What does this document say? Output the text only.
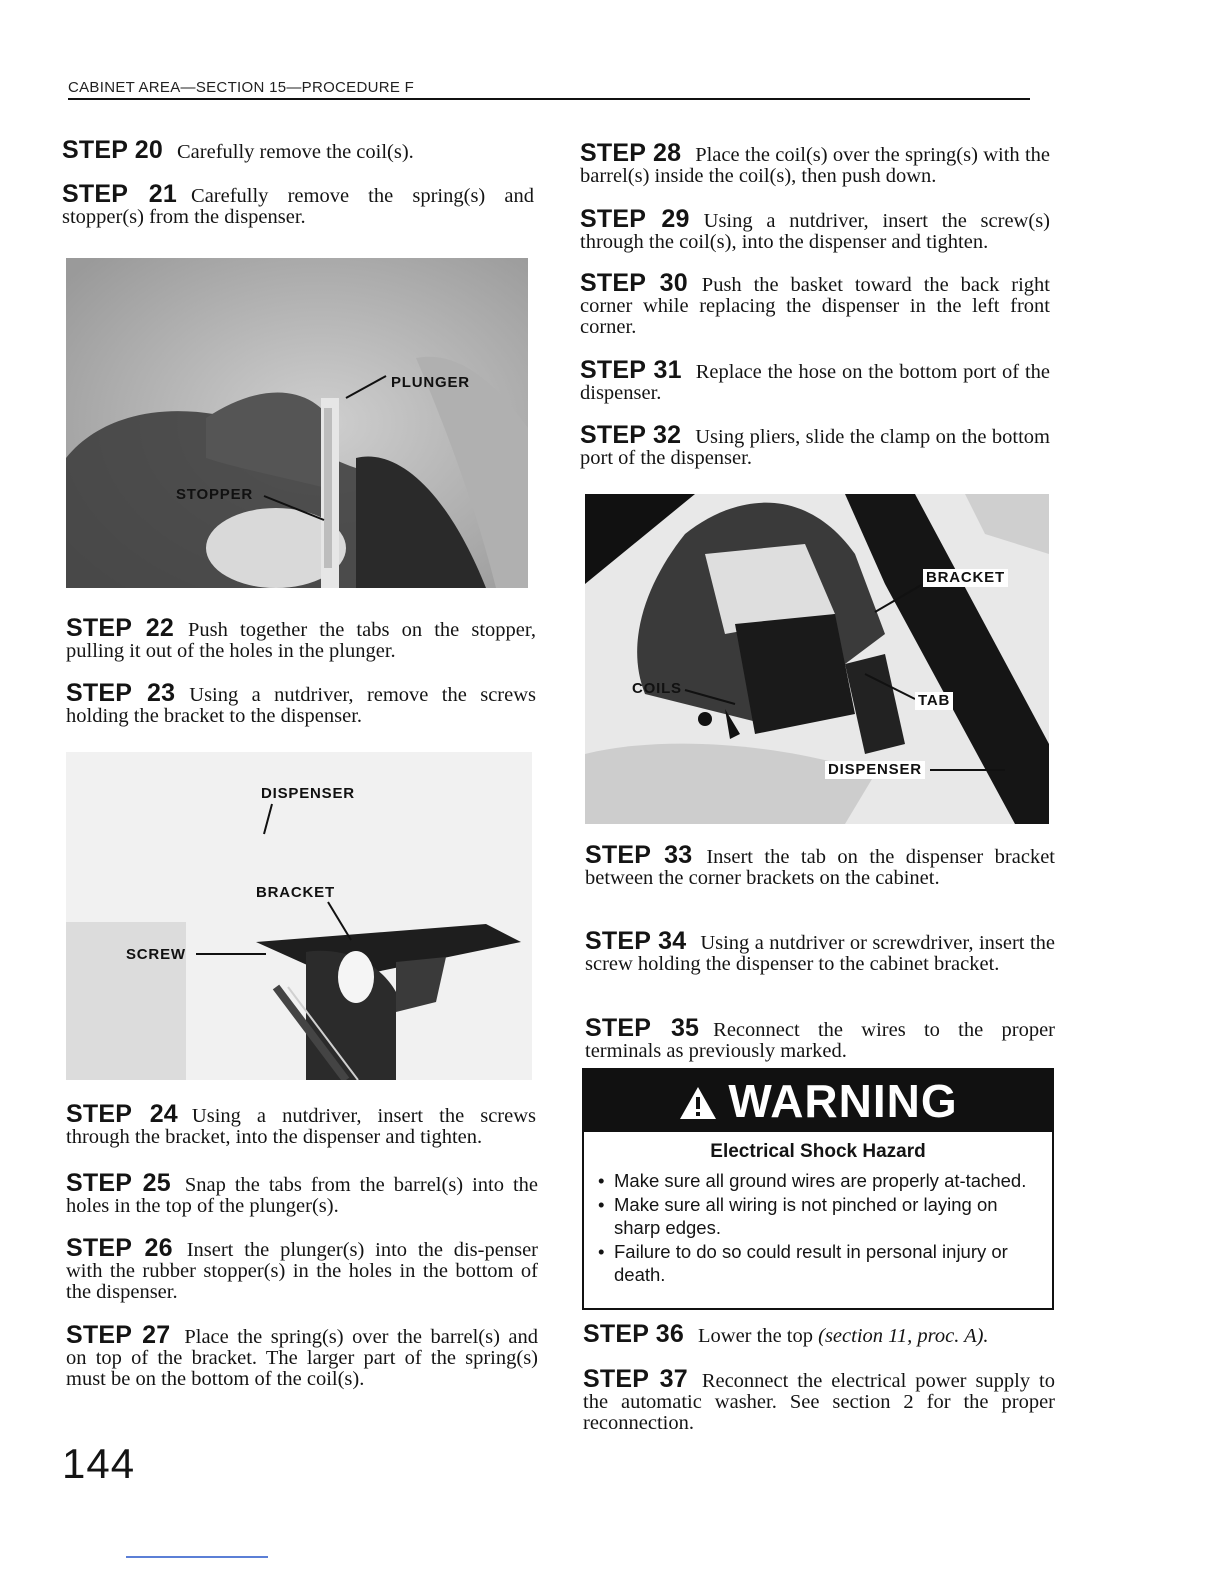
CABINET AREA—SECTION 15—PROCEDURE F

STEP 20 Carefully remove the coil(s).

STEP 21 Carefully remove the spring(s) and stopper(s) from the dispenser.

PLUNGER
STOPPER

STEP 22 Push together the tabs on the stopper, pulling it out of the holes in the plunger.

STEP 23 Using a nutdriver, remove the screws holding the bracket to the dispenser.

DISPENSER
BRACKET
SCREW

STEP 24 Using a nutdriver, insert the screws through the bracket, into the dispenser and tighten.

STEP 25 Snap the tabs from the barrel(s) into the holes in the top of the plunger(s).

STEP 26 Insert the plunger(s) into the dis-penser with the rubber stopper(s) in the holes in the bottom of the dispenser.

STEP 27 Place the spring(s) over the barrel(s) and on top of the bracket. The larger part of the spring(s) must be on the bottom of the coil(s).

STEP 28 Place the coil(s) over the spring(s) with the barrel(s) inside the coil(s), then push down.

STEP 29 Using a nutdriver, insert the screw(s) through the coil(s), into the dispenser and tighten.

STEP 30 Push the basket toward the back right corner while replacing the dispenser in the left front corner.

STEP 31 Replace the hose on the bottom port of the dispenser.

STEP 32 Using pliers, slide the clamp on the bottom port of the dispenser.

BRACKET
COILS
TAB
DISPENSER

STEP 33 Insert the tab on the dispenser bracket between the corner brackets on the cabinet.

STEP 34 Using a nutdriver or screwdriver, insert the screw holding the dispenser to the cabinet bracket.

STEP 35 Reconnect the wires to the proper terminals as previously marked.

WARNING
Electrical Shock Hazard
• Make sure all ground wires are properly at-tached.
• Make sure all wiring is not pinched or laying on sharp edges.
• Failure to do so could result in personal injury or death.

STEP 36 Lower the top (section 11, proc. A).

STEP 37 Reconnect the electrical power supply to the automatic washer. See section 2 for the proper reconnection.

144
